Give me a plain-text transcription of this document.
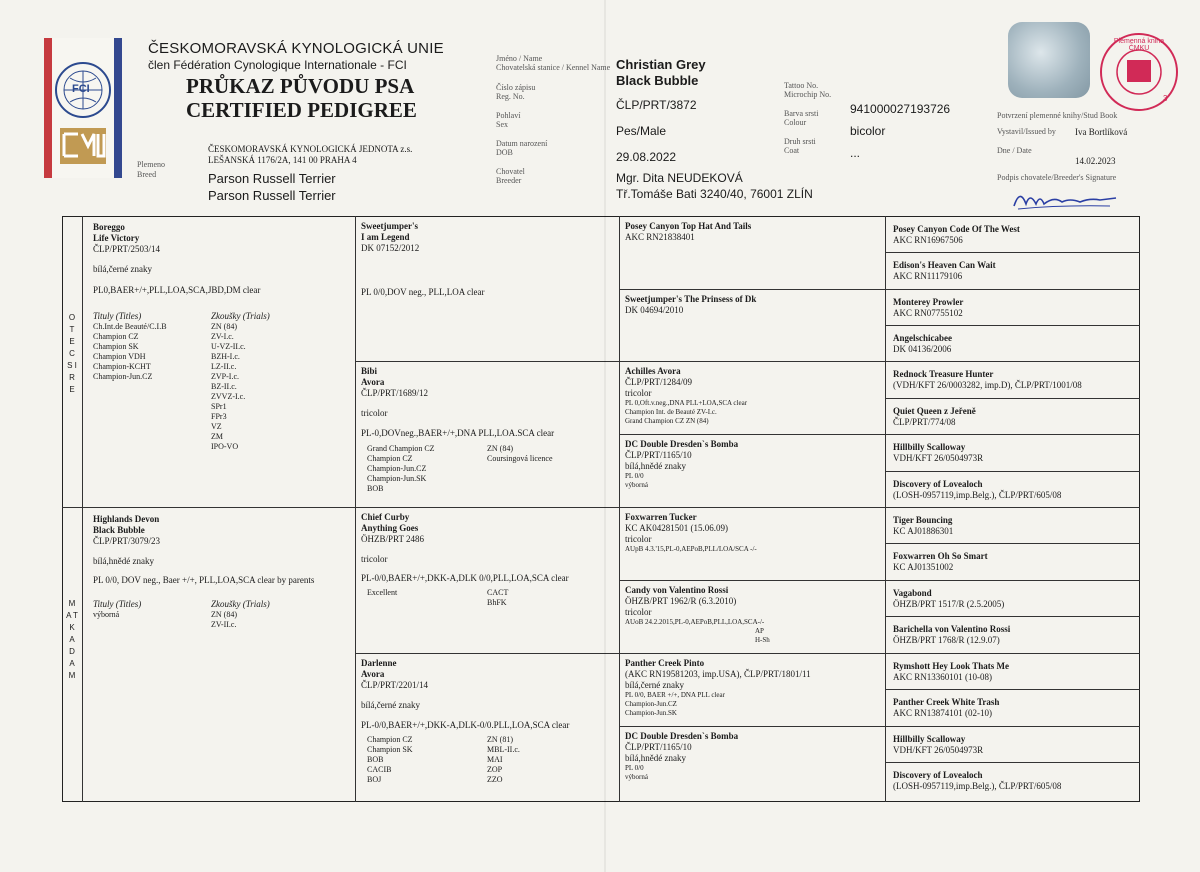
FCI
ČESKOMORAVSKÁ KYNOLOGICKÁ UNIE
člen Fédération Cynologique Internationale - FCI
PRŮKAZ PŮVODU PSA
CERTIFIED PEDIGREE
ČESKOMORAVSKÁ KYNOLOGICKÁ JEDNOTA z.s.
LEŠANSKÁ 1176/2A, 141 00 PRAHA 4
Plemeno
Breed	Parson Russell Terrier
Parson Russell Terrier
Jméno / Name
Chovatelská stanice / Kennel Name
Číslo zápisu
Reg. No.
Pohlaví
Sex
Datum narození
DOB
Chovatel
Breeder
Christian Grey
Black Bubble
ČLP/PRT/3872
Pes/Male
29.08.2022
Mgr. Dita NEUDEKOVÁ
Tř.Tomáše Bati 3240/40, 76001 ZLÍN
Tattoo No.
Microchip No.
Barva srsti
Colour
Druh srsti
Coat
941000027193726
bicolor
...
Plemenná kniha ČMKU
3
Potvrzení plemenné knihy/Stud Book
Vystavil/Issued by Iva Bortlíková
Dne / Date
14.02.2023
Podpis chovatele/Breeder's Signature
O T E C S I R E
M A T K A D A M
Boreggo
Life Victory
ČLP/PRT/2503/14
bílá,černé znaky
PL0,BAER+/+,PLL,LOA,SCA,JBD,DM clear
Tituly (Titles)
Ch.Int.de Beauté/C.I.B
Champion CZ
Champion SK
Champion VDH
Champion-KCHT
Champion-Jun.CZ
Zkoušky (Trials)
ZN (84)
ZV-I.c.
U-VZ-II.c.
BZH-I.c.
LZ-II.c.
ZVP-I.c.
BZ-II.c.
ZVVZ-I.c.
SPr1
FPr3
VZ
ZM
IPO-VO
Highlands Devon
Black Bubble
ČLP/PRT/3079/23
bílá,hnědé znaky
PL 0/0, DOV neg., Baer +/+, PLL,LOA,SCA clear by parents
Tituly (Titles)
výborná
Zkoušky (Trials)
ZN (84)
ZV-II.c.
Sweetjumper's
I am Legend
DK 07152/2012
PL 0/0,DOV neg., PLL,LOA clear
Bibi
Avora
ČLP/PRT/1689/12
tricolor
PL-0,DOVneg.,BAER+/+,DNA PLL,LOA.SCA clear
Grand Champion CZ
Champion CZ
Champion-Jun.CZ
Champion-Jun.SK
BOB
ZN (84)
Coursingová licence
Chief Curby
Anything Goes
ÖHZB/PRT 2486
tricolor
PL-0/0,BAER+/+,DKK-A,DLK 0/0,PLL,LOA,SCA clear
Excellent	CACT
BhFK
Darlenne
Avora
ČLP/PRT/2201/14
bílá,černé znaky
PL-0/0,BAER+/+,DKK-A,DLK-0/0.PLL,LOA,SCA clear
Champion CZ
Champion SK
BOB
CACIB
BOJ
ZN (81)
MBL-II.c.
MAI
ZOP
ZZO
Posey Canyon Top Hat And Tails
AKC RN21838401
Sweetjumper's The Prinsess of Dk
DK 04694/2010
Achilles Avora
ČLP/PRT/1284/09
tricolor
PL 0,Oft.v.neg.,DNA PLL+LOA,SCA clear
Champion Int. de Beauté ZV-I.c.
Grand Champion CZ ZN (84)
DC Double Dresden`s Bomba
ČLP/PRT/1165/10
bílá,hnědé znaky
PL 0/0
výborná
Foxwarren Tucker
KC AK04281501 (15.06.09)
tricolor
AUpB 4.3.'15,PL-0,AEPoB,PLL/LOA/SCA -/-
Candy von Valentino Rossi
ÖHZB/PRT 1962/R (6.3.2010)
tricolor
AUoB 24.2.2015,PL-0,AEPoB,PLL,LOA,SCA-/-
AP
H-Sh
Panther Creek Pinto
(AKC RN19581203, imp.USA), ČLP/PRT/1801/11
bílá,černé znaky
PL 0/0, BAER +/+, DNA PLL clear
Champion-Jun.CZ
Champion-Jun.SK
DC Double Dresden`s Bomba
ČLP/PRT/1165/10
bílá,hnědé znaky
PL 0/0
výborná
Posey Canyon Code Of The West
AKC RN16967506
Edison's Heaven Can Wait
AKC RN11179106
Monterey Prowler
AKC RN07755102
Angelschicabee
DK 04136/2006
Rednock Treasure Hunter
(VDH/KFT 26/0003282, imp.D), ČLP/PRT/1001/08
Quiet Queen z Jeřeně
ČLP/PRT/774/08
Hillbilly Scalloway
VDH/KFT 26/0504973R
Discovery of Lovealoch
(LOSH-0957119,imp.Belg.), ČLP/PRT/605/08
Tiger Bouncing
KC AJ01886301
Foxwarren Oh So Smart
KC AJ01351002
Vagabond
ÖHZB/PRT 1517/R (2.5.2005)
Barichella von Valentino Rossi
ÖHZB/PRT 1768/R (12.9.07)
Rymshott Hey Look Thats Me
AKC RN13360101 (10-08)
Panther Creek White Trash
AKC RN13874101 (02-10)
Hillbilly Scalloway
VDH/KFT 26/0504973R
Discovery of Lovealoch
(LOSH-0957119,imp.Belg.), ČLP/PRT/605/08
